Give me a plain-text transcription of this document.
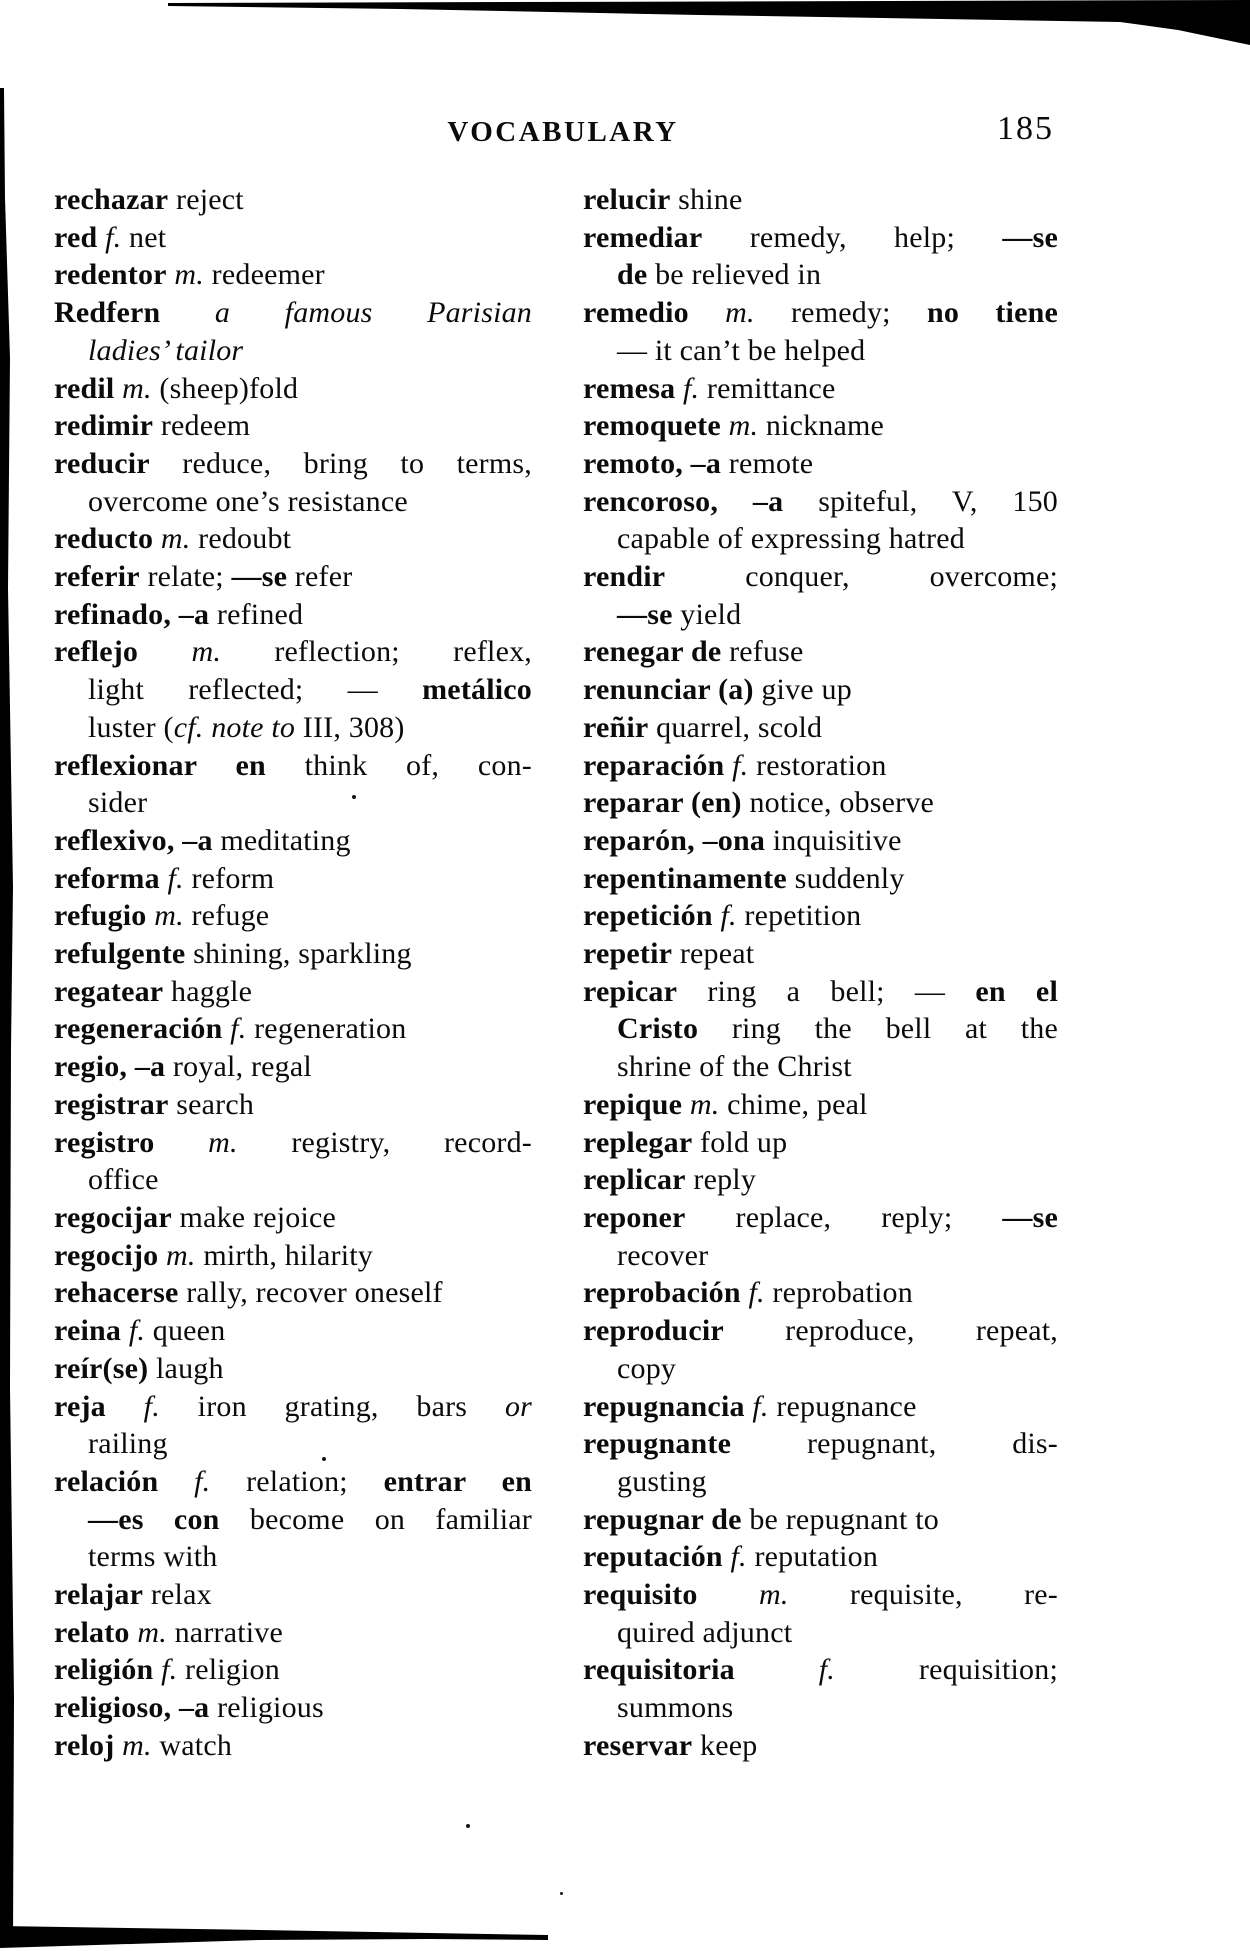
VOCABULARY	185
rechazar reject
red f. net
redentor m. redeemer
Redfern a famous Parisian
ladies’ tailor
redil m. (sheep)fold
redimir redeem
reducir reduce, bring to terms,
overcome one’s resistance
reducto m. redoubt
referir relate; —se refer
refinado, –a refined
reflejo m. reflection; reflex,
light reflected; — metálico
luster (cf. note to III, 308)
reflexionar en think of, con-
sider
reflexivo, –a meditating
reforma f. reform
refugio m. refuge
refulgente shining, sparkling
regatear haggle
regeneración f. regeneration
regio, –a royal, regal
registrar search
registro m. registry, record-
office
regocijar make rejoice
regocijo m. mirth, hilarity
rehacerse rally, recover oneself
reina f. queen
reír(se) laugh
reja f. iron grating, bars or
railing
relación f. relation; entrar en
—es con become on familiar
terms with
relajar relax
relato m. narrative
religión f. religion
religioso, –a religious
reloj m. watch
relucir shine
remediar remedy, help; —se
de be relieved in
remedio m. remedy; no tiene
— it can’t be helped
remesa f. remittance
remoquete m. nickname
remoto, –a remote
rencoroso, –a spiteful, V, 150
capable of expressing hatred
rendir conquer, overcome;
—se yield
renegar de refuse
renunciar (a) give up
reñir quarrel, scold
reparación f. restoration
reparar (en) notice, observe
reparón, –ona inquisitive
repentinamente suddenly
repetición f. repetition
repetir repeat
repicar ring a bell; — en el
Cristo ring the bell at the
shrine of the Christ
repique m. chime, peal
replegar fold up
replicar reply
reponer replace, reply; —se
recover
reprobación f. reprobation
reproducir reproduce, repeat,
copy
repugnancia f. repugnance
repugnante repugnant, dis-
gusting
repugnar de be repugnant to
reputación f. reputation
requisito m. requisite, re-
quired adjunct
requisitoria	f. requisition;
summons
reservar keep
